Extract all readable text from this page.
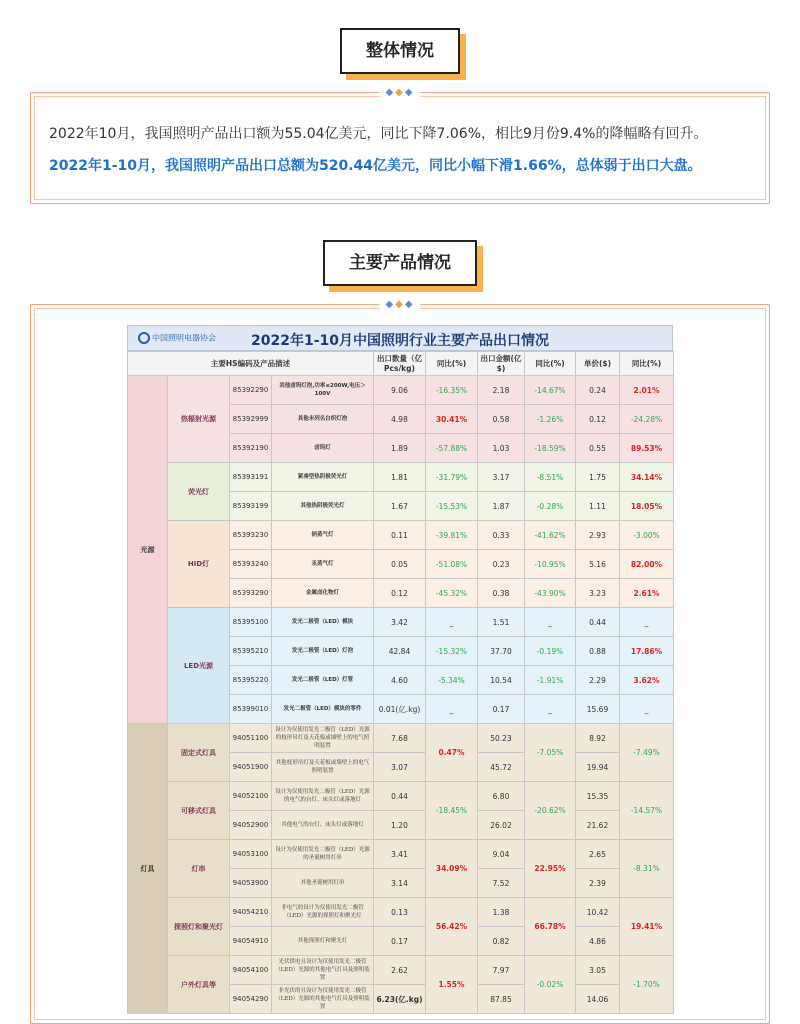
整体情况
◆◆◆
2022年10月，我国照明产品出口额为55.04亿美元，同比下降7.06%，相比9月份9.4%的降幅略有回升。
2022年1-10月，我国照明产品出口总额为520.44亿美元，同比小幅下滑1.66%，总体弱于出口大盘。
主要产品情况
◆◆◆
中国照明电器协会	2022年1-10月中国照明行业主要产品出口情况
主要HS编码及产品描述				出口数量（亿Pcs/kg)	同比(%)	出口金额(亿$)	同比(%)	单价($)	同比(%)
光源	热辐射光源	85392290	其他卤钨灯泡,功率≤200W,电压＞100V	9.06	-16.35%	2.18	-14.67%	0.24	2.01%
		85392999	其他未列名白炽灯泡	4.98	30.41%	0.58	-1.26%	0.12	-24.28%
		85392190	卤钨灯	1.89	-57.88%	1.03	-18.59%	0.55	89.53%
	荧光灯	85393191	紧凑型热阴极荧光灯	1.81	-31.79%	3.17	-8.51%	1.75	34.14%
		85393199	其他热阴极荧光灯	1.67	-15.53%	1.87	-0.28%	1.11	18.05%
	HID灯	85393230	钠蒸气灯	0.11	-39.81%	0.33	-41.62%	2.93	-3.00%
		85393240	汞蒸气灯	0.05	-51.08%	0.23	-10.95%	5.16	82.00%
		85393290	金属卤化物灯	0.12	-45.32%	0.38	-43.90%	3.23	2.61%
	LED光源	85395100	发光二极管（LED）模块	3.42	_	1.51	_	0.44	_
		85395210	发光二极管（LED）灯泡	42.84	-15.32%	37.70	-0.19%	0.88	17.86%
		85395220	发光二极管（LED）灯管	4.60	-5.34%	10.54	-1.91%	2.29	3.62%
		85399010	发光二极管（LED）模块的零件	0.01(亿.kg)	_	0.17	_	15.69	_
灯具	固定式灯具	94051100	设计为仅使用发光二极管（LED）光源的枝形吊灯及天花板或墙壁上的电气照明装置	7.68	0.47%	50.23	-7.05%	8.92	-7.49%
		94051900	其他枝形吊灯及天花板或墙壁上的电气照明装置	3.07		45.72		19.94	
	可移式灯具	94052100	设计为仅使用发光二极管（LED）光源的电气的台灯、床头灯或落地灯	0.44	-18.45%	6.80	-20.62%	15.35	-14.57%
		94052900	其他电气的台灯、床头灯或落地灯	1.20		26.02		21.62	
	灯串	94053100	设计为仅使用发光二极管（LED）光源的圣诞树用灯串	3.41	34.09%	9.04	22.95%	2.65	-8.31%
		94053900	其他圣诞树用灯串	3.14		7.52		2.39	
	探照灯和聚光灯	94054210	非电气的设计为仅使用发光二极管（LED）光源的探照灯和聚光灯	0.13	56.42%	1.38	66.78%	10.42	19.41%
		94054910	其他探照灯和聚光灯	0.17		0.82		4.86	
	户外灯具等	94054100	光伏供电且设计为仅使用发光二极管（LED）光源的其他电气灯具及照明装置	2.62	1.55%	7.97	-0.02%	3.05	-1.70%
		94054290	非光伏的且设计为仅使用发光二极管（LED）光源的其他电气灯具及照明装置	6.23(亿.kg)		87.85		14.06	
